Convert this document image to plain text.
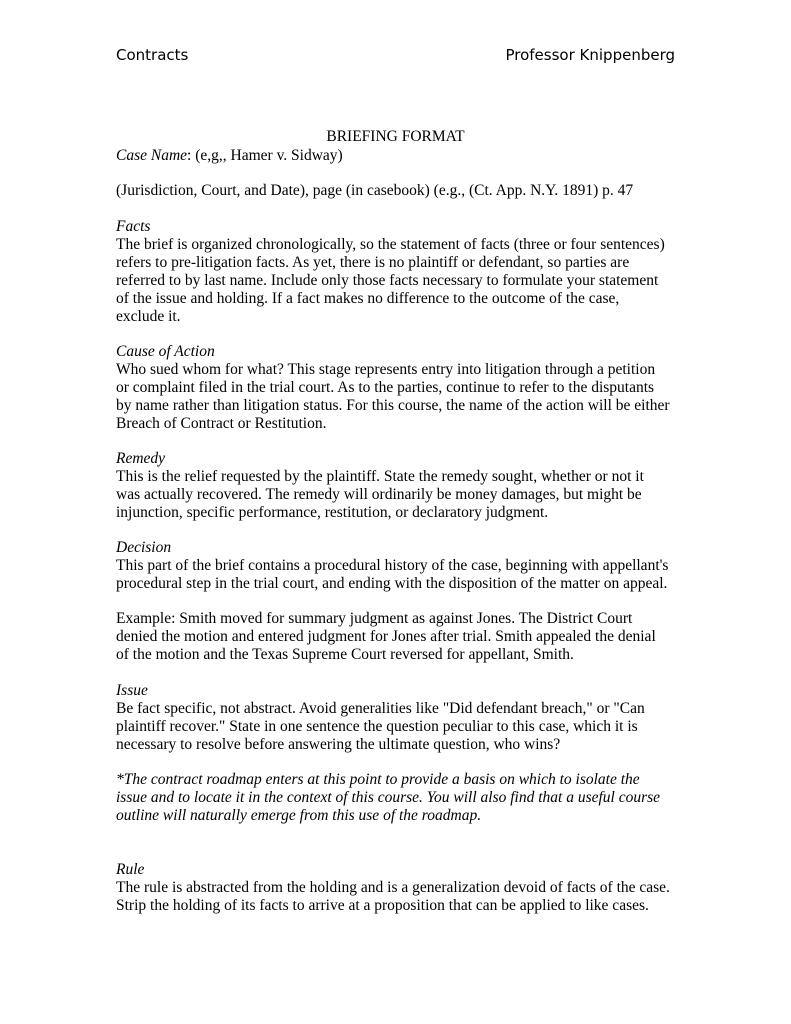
Contracts	Professor Knippenberg
BRIEFING FORMAT
Case Name: (e,g,, Hamer v. Sidway)
(Jurisdiction, Court, and Date), page (in casebook) (e.g., (Ct. App. N.Y. 1891) p. 47
Facts
The brief is organized chronologically, so the statement of facts (three or four sentences)
refers to pre-litigation facts. As yet, there is no plaintiff or defendant, so parties are
referred to by last name. Include only those facts necessary to formulate your statement
of the issue and holding. If a fact makes no difference to the outcome of the case,
exclude it.
Cause of Action
Who sued whom for what? This stage represents entry into litigation through a petition
or complaint filed in the trial court. As to the parties, continue to refer to the disputants
by name rather than litigation status. For this course, the name of the action will be either
Breach of Contract or Restitution.
Remedy
This is the relief requested by the plaintiff. State the remedy sought, whether or not it
was actually recovered. The remedy will ordinarily be money damages, but might be
injunction, specific performance, restitution, or declaratory judgment.
Decision
This part of the brief contains a procedural history of the case, beginning with appellant's
procedural step in the trial court, and ending with the disposition of the matter on appeal.
Example: Smith moved for summary judgment as against Jones. The District Court
denied the motion and entered judgment for Jones after trial. Smith appealed the denial
of the motion and the Texas Supreme Court reversed for appellant, Smith.
Issue
Be fact specific, not abstract. Avoid generalities like "Did defendant breach," or "Can
plaintiff recover." State in one sentence the question peculiar to this case, which it is
necessary to resolve before answering the ultimate question, who wins?
*The contract roadmap enters at this point to provide a basis on which to isolate the
issue and to locate it in the context of this course. You will also find that a useful course
outline will naturally emerge from this use of the roadmap.
Rule
The rule is abstracted from the holding and is a generalization devoid of facts of the case.
Strip the holding of its facts to arrive at a proposition that can be applied to like cases.
